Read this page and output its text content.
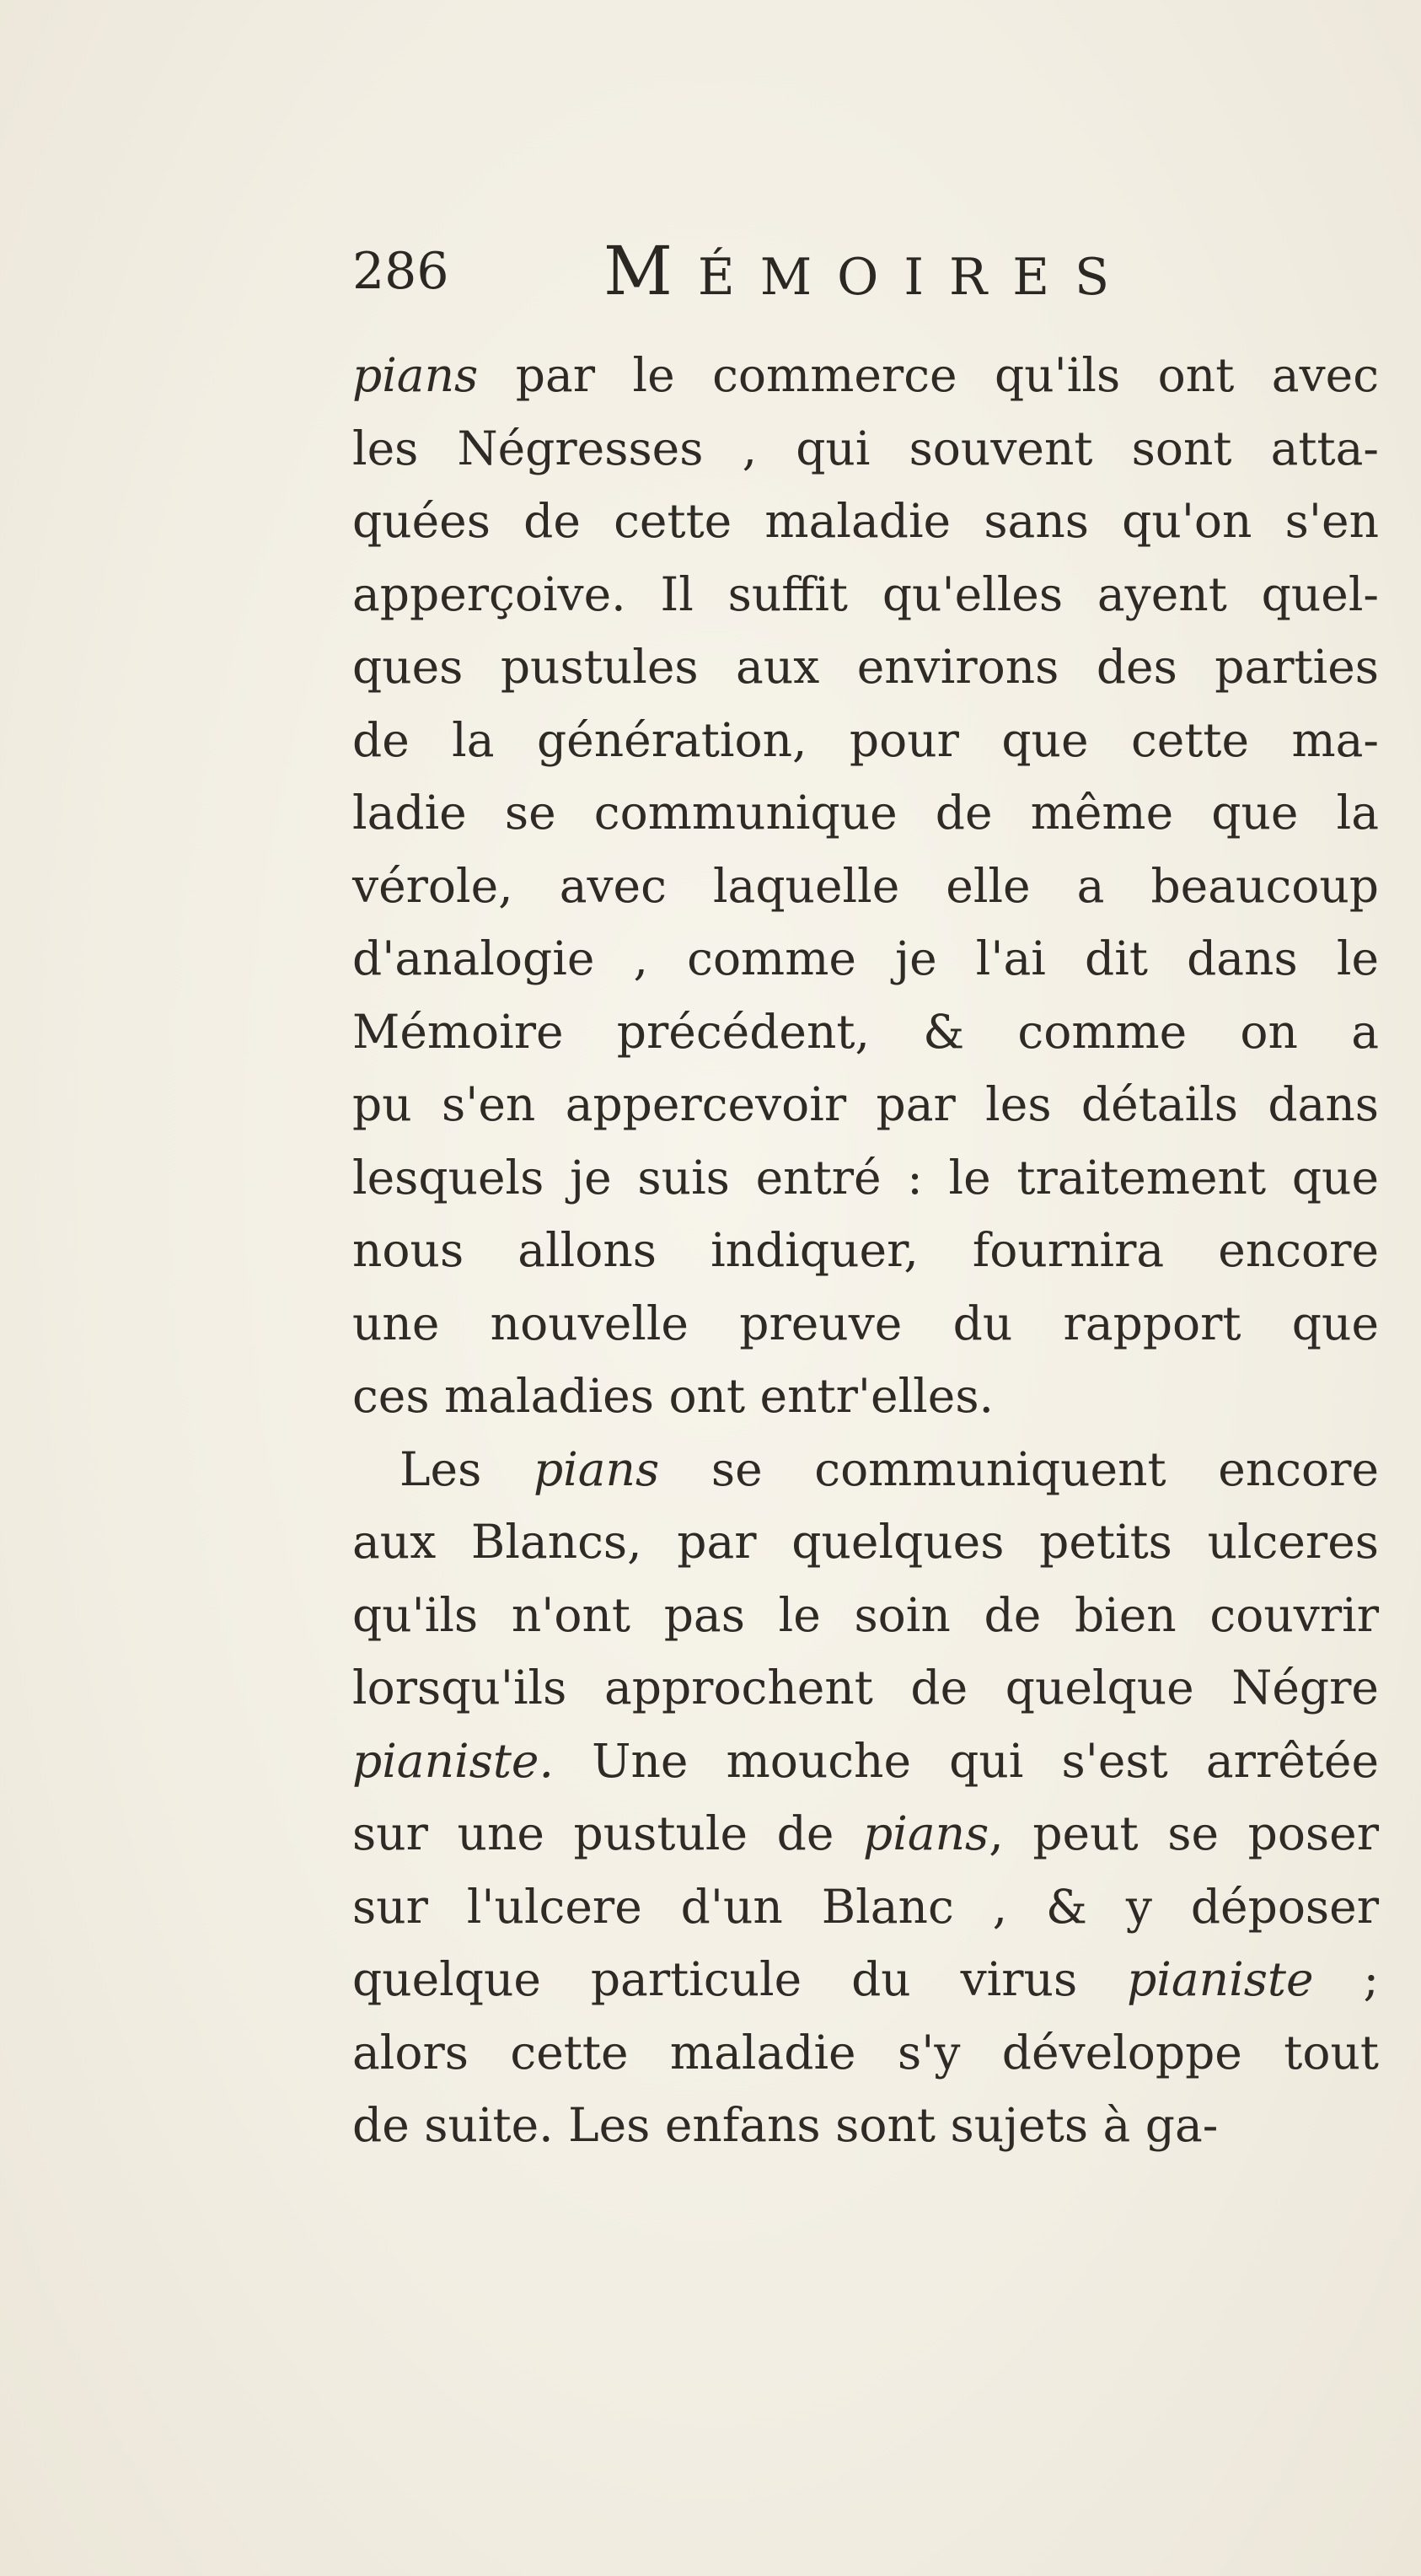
286 MÉMOIRES
pians par le commerce qu'ils ont avec
les Négresses , qui souvent sont atta-
quées de cette maladie sans qu'on s'en
apperçoive. Il suffit qu'elles ayent quel-
ques pustules aux environs des parties
de la génération, pour que cette ma-
ladie se communique de même que la
vérole, avec laquelle elle a beaucoup
d'analogie , comme je l'ai dit dans le
Mémoire précédent, & comme on a
pu s'en appercevoir par les détails dans
lesquels je suis entré : le traitement que
nous allons indiquer, fournira encore
une nouvelle preuve du rapport que
ces maladies ont entr'elles.
Les pians se communiquent encore
aux Blancs, par quelques petits ulceres
qu'ils n'ont pas le soin de bien couvrir
lorsqu'ils approchent de quelque Négre
pianiste. Une mouche qui s'est arrêtée
sur une pustule de pians, peut se poser
sur l'ulcere d'un Blanc , & y déposer
quelque particule du virus pianiste ;
alors cette maladie s'y développe tout
de suite. Les enfans sont sujets à ga-
